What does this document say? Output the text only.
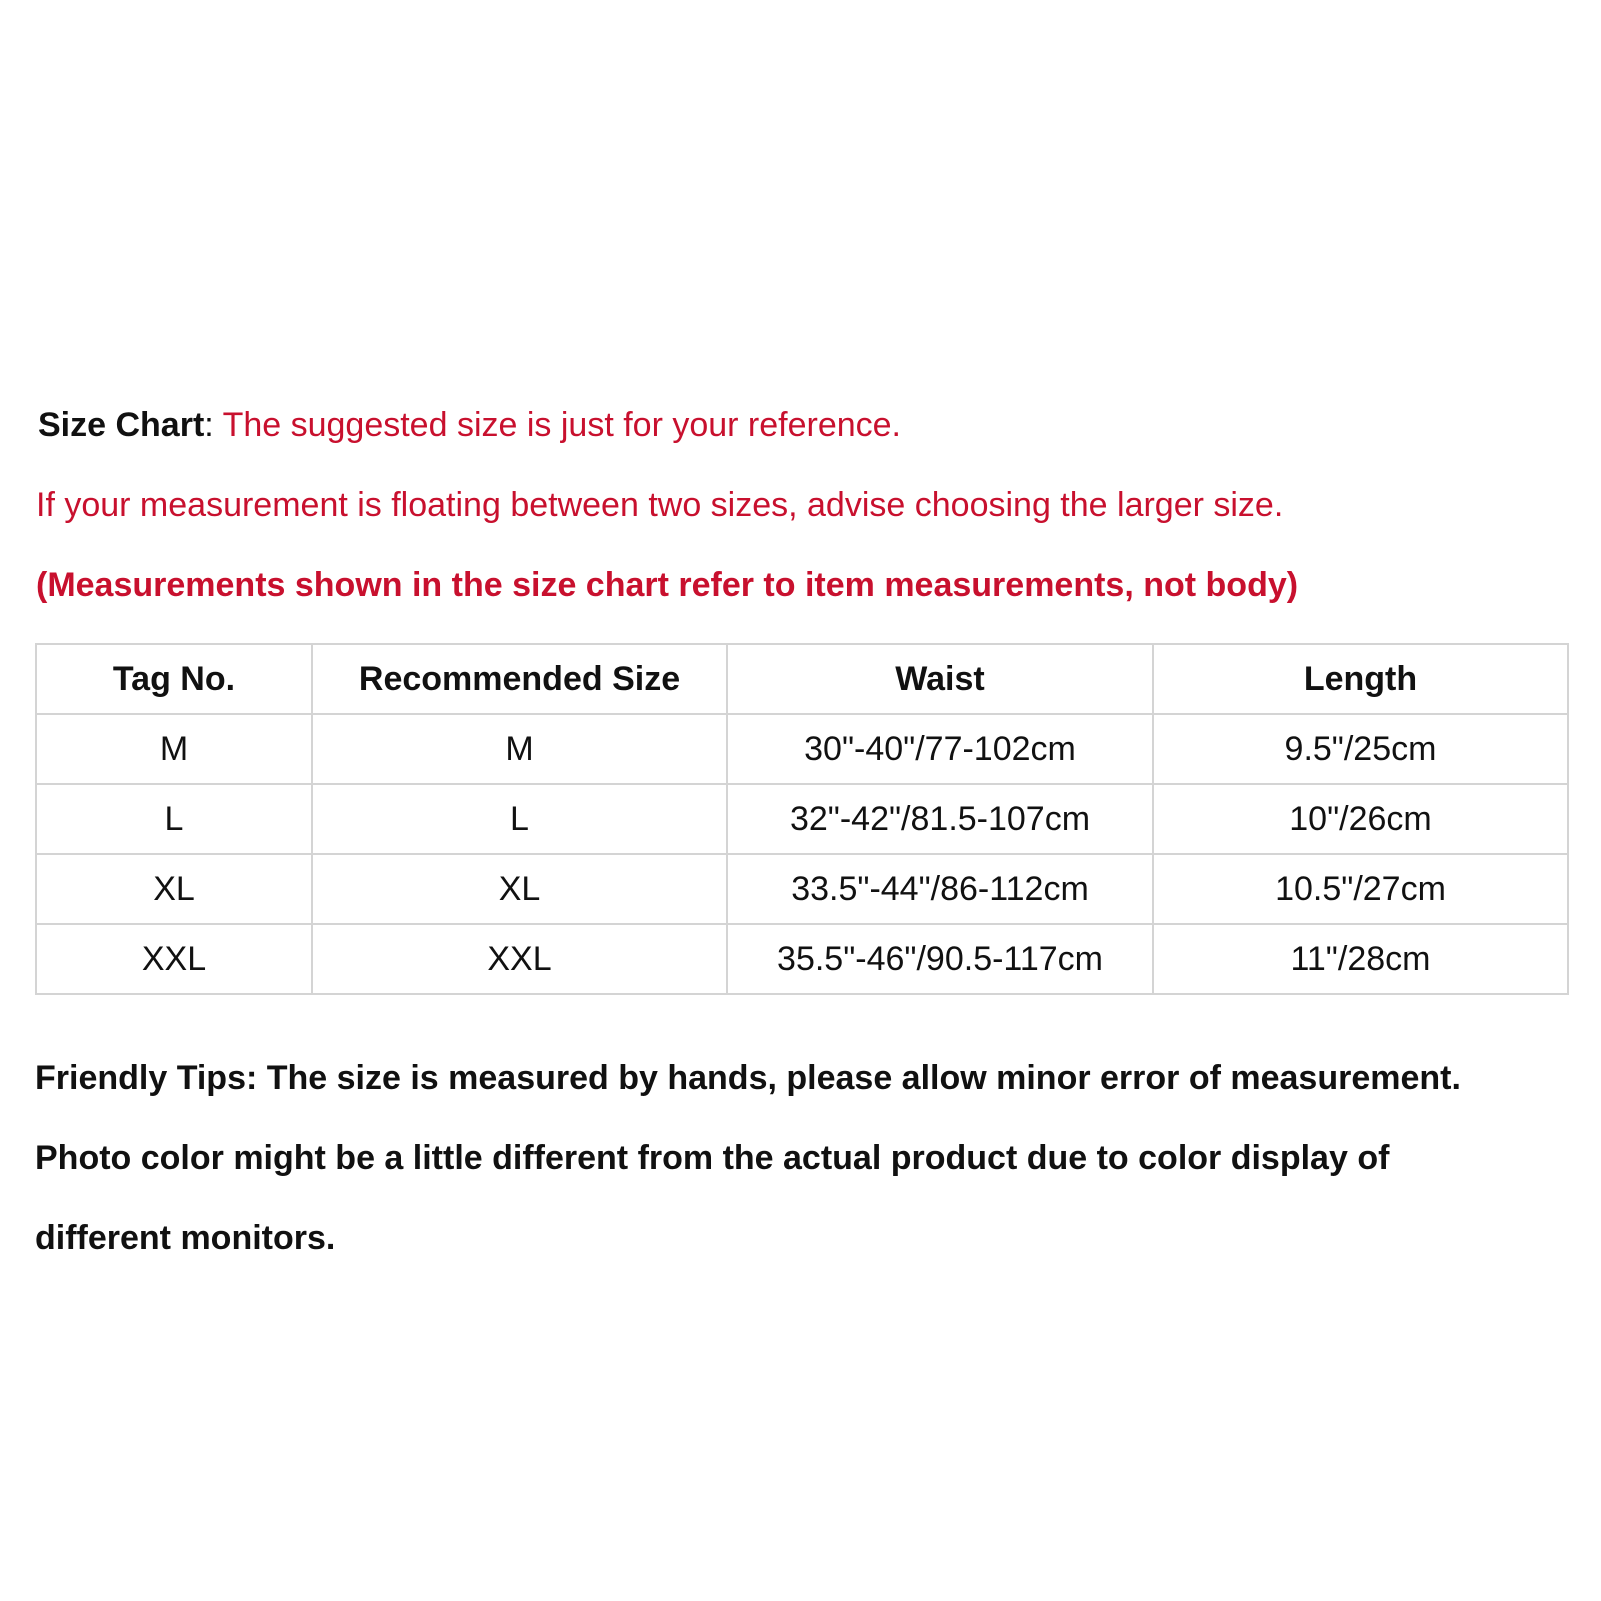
Size Chart: The suggested size is just for your reference.
If your measurement is floating between two sizes, advise choosing the larger size.
(Measurements shown in the size chart refer to item measurements, not body)
Tag No.	Recommended Size	Waist	Length
M	M	30"-40"/77-102cm	9.5"/25cm
L	L	32"-42"/81.5-107cm	10"/26cm
XL	XL	33.5"-44"/86-112cm	10.5"/27cm
XXL	XXL	35.5"-46"/90.5-117cm	11"/28cm
Friendly Tips: The size is measured by hands, please allow minor error of measurement.
Photo color might be a little different from the actual product due to color display of
different monitors.
